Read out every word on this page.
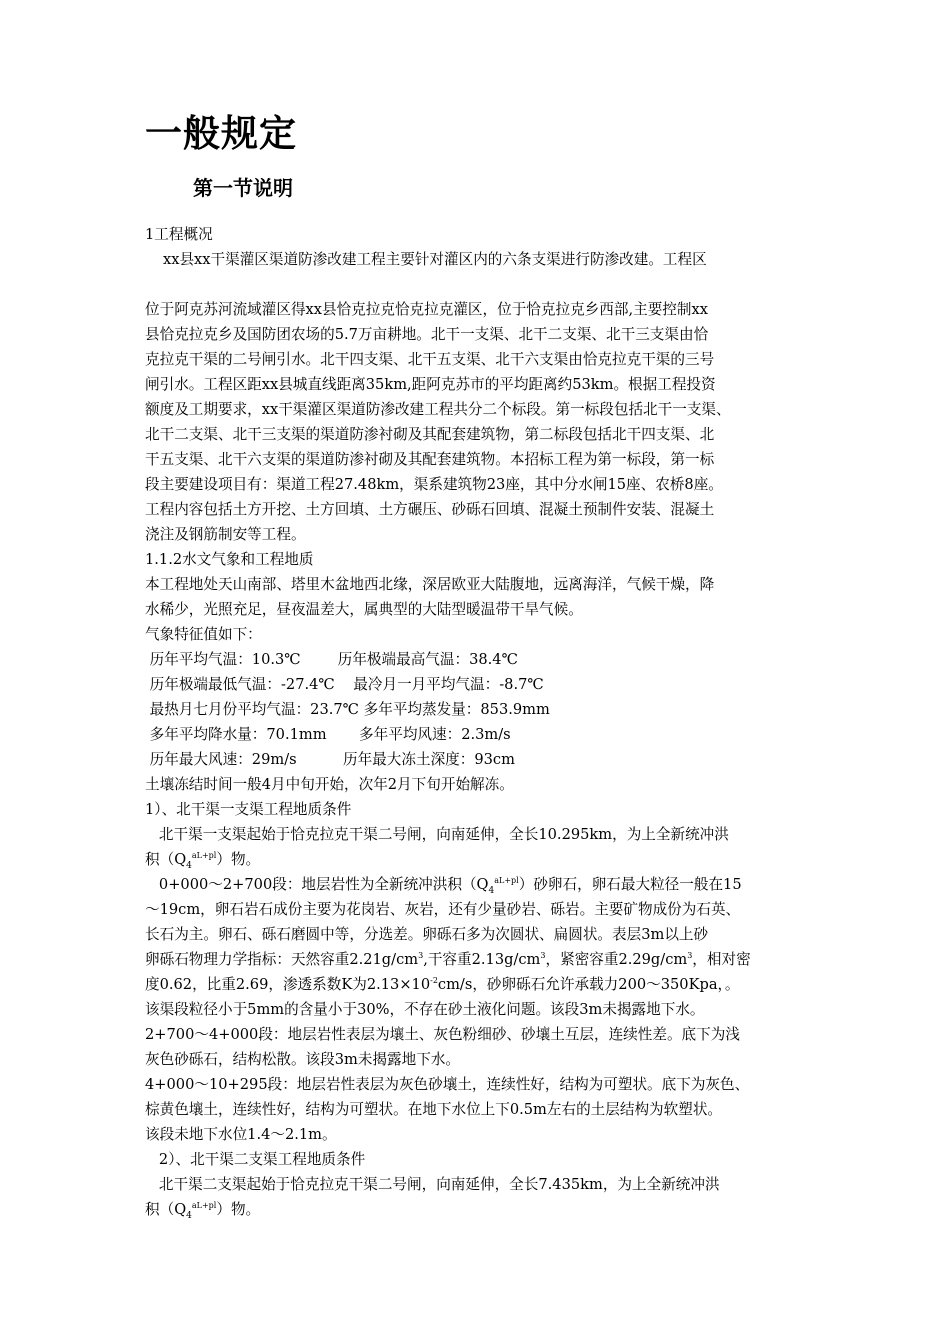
一般规定
第一节说明
1工程概况
xx县xx干渠灌区渠道防渗改建工程主要针对灌区内的六条支渠进行防渗改建。工程区
位于阿克苏河流域灌区得xx县恰克拉克恰克拉克灌区，位于恰克拉克乡西部,主要控制xx
县恰克拉克乡及国防团农场的5.7万亩耕地。北干一支渠、北干二支渠、北干三支渠由恰
克拉克干渠的二号闸引水。北干四支渠、北干五支渠、北干六支渠由恰克拉克干渠的三号
闸引水。工程区距xx县城直线距离35km,距阿克苏市的平均距离约53km。根据工程投资
额度及工期要求，xx干渠灌区渠道防渗改建工程共分二个标段。第一标段包括北干一支渠、
北干二支渠、北干三支渠的渠道防渗衬砌及其配套建筑物，第二标段包括北干四支渠、北
干五支渠、北干六支渠的渠道防渗衬砌及其配套建筑物。本招标工程为第一标段，第一标
段主要建设项目有：渠道工程27.48km，渠系建筑物23座，其中分水闸15座、农桥8座。
工程内容包括土方开挖、土方回填、土方碾压、砂砾石回填、混凝土预制件安装、混凝土
浇注及钢筋制安等工程。
1.1.2水文气象和工程地质
本工程地处天山南部、塔里木盆地西北缘，深居欧亚大陆腹地，远离海洋，气候干燥，降
水稀少，光照充足，昼夜温差大，属典型的大陆型暖温带干旱气候。
气象特征值如下：
历年平均气温：10.3℃        历年极端最高气温：38.4℃
历年极端最低气温：-27.4℃    最冷月一月平均气温：-8.7℃
最热月七月份平均气温：23.7℃ 多年平均蒸发量：853.9mm
多年平均降水量：70.1mm       多年平均风速：2.3m/s
历年最大风速：29m/s          历年最大冻土深度：93cm
土壤冻结时间一般4月中旬开始，次年2月下旬开始解冻。
1）、北干渠一支渠工程地质条件
北干渠一支渠起始于恰克拉克干渠二号闸，向南延伸，全长10.295km，为上全新统冲洪
积$(Q_4^{aL+pl})$物。
0+000～2+700段：地层岩性为全新统冲洪积$(Q_4^{aL+pl})$砂卵石，卵石最大粒径一般在15
～19cm，卵石岩石成份主要为花岗岩、灰岩，还有少量砂岩、砾岩。主要矿物成份为石英、
长石为主。卵石、砾石磨圆中等，分选差。卵砾石多为次圆状、扁圆状。表层3m以上砂
卵砾石物理力学指标：天然容重$2.21g/cm^3$,干容重$2.13g/cm^3$，紧密容重$2.29g/cm^3$，相对密
度0.62，比重2.69，渗透系数K为$2.13\times 10^{-2}cm/s$，砂卵砾石允许承载力200～350Kpa，。
该渠段粒径小于5mm的含量小于30%，不存在砂土液化问题。该段3m未揭露地下水。
2+700～4+000段：地层岩性表层为壤土、灰色粉细砂、砂壤土互层，连续性差。底下为浅
灰色砂砾石，结构松散。该段3m未揭露地下水。
4+000～10+295段：地层岩性表层为灰色砂壤土，连续性好，结构为可塑状。底下为灰色、
棕黄色壤土，连续性好，结构为可塑状。在地下水位上下0.5m左右的土层结构为软塑状。
该段未地下水位1.4～2.1m。
2）、北干渠二支渠工程地质条件
北干渠二支渠起始于恰克拉克干渠二号闸，向南延伸，全长7.435km，为上全新统冲洪
积$(Q_4^{aL+pl})$物。
